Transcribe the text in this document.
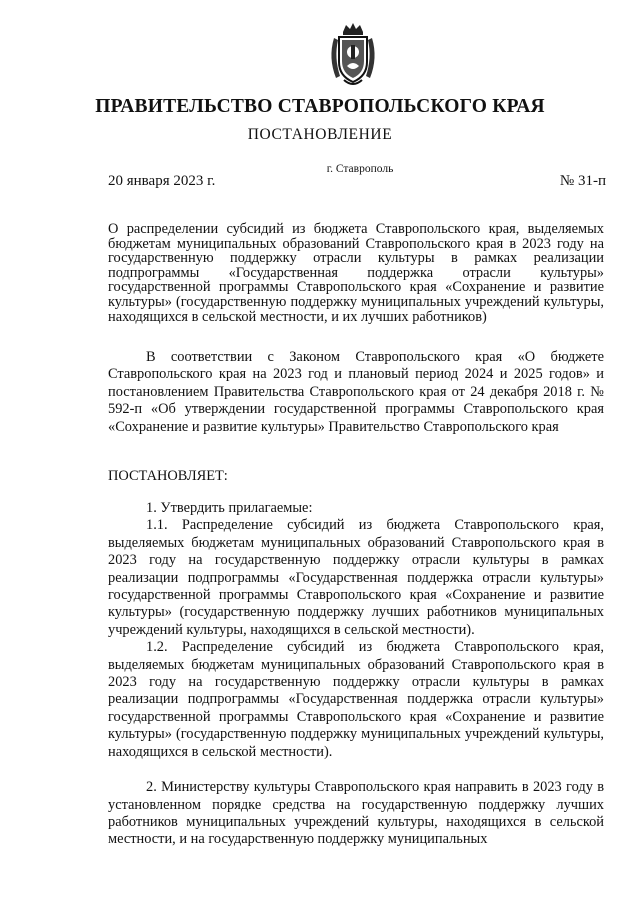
ПРАВИТЕЛЬСТВО СТАВРОПОЛЬСКОГО КРАЯ
ПОСТАНОВЛЕНИЕ
г. Ставрополь
20 января 2023 г.	№ 31-п

О распределении субсидий из бюджета Ставропольского края, выделяемых бюджетам муниципальных образований Ставропольского края в 2023 году на государственную поддержку отрасли культуры в рамках реализации подпрограммы «Государственная поддержка отрасли культуры» государственной программы Ставропольского края «Сохранение и развитие культуры» (государственную поддержку муниципальных учреждений культуры, находящихся в сельской местности, и их лучших работников)

В соответствии с Законом Ставропольского края «О бюджете Ставропольского края на 2023 год и плановый период 2024 и 2025 годов» и постановлением Правительства Ставропольского края от 24 декабря 2018 г. № 592-п «Об утверждении государственной программы Ставропольского края «Сохранение и развитие культуры» Правительство Ставропольского края

ПОСТАНОВЛЯЕТ:

1. Утвердить прилагаемые:

1.1. Распределение субсидий из бюджета Ставропольского края, выделяемых бюджетам муниципальных образований Ставропольского края в 2023 году на государственную поддержку отрасли культуры в рамках реализации подпрограммы «Государственная поддержка отрасли культуры» государственной программы Ставропольского края «Сохранение и развитие культуры» (государственную поддержку лучших работников муниципальных учреждений культуры, находящихся в сельской местности).

1.2. Распределение субсидий из бюджета Ставропольского края, выделяемых бюджетам муниципальных образований Ставропольского края в 2023 году на государственную поддержку отрасли культуры в рамках реализации подпрограммы «Государственная поддержка отрасли культуры» государственной программы Ставропольского края «Сохранение и развитие культуры» (государственную поддержку муниципальных учреждений культуры, находящихся в сельской местности).

2. Министерству культуры Ставропольского края направить в 2023 году в установленном порядке средства на государственную поддержку лучших работников муниципальных учреждений культуры, находящихся в сельской местности, и на государственную поддержку муниципальных
